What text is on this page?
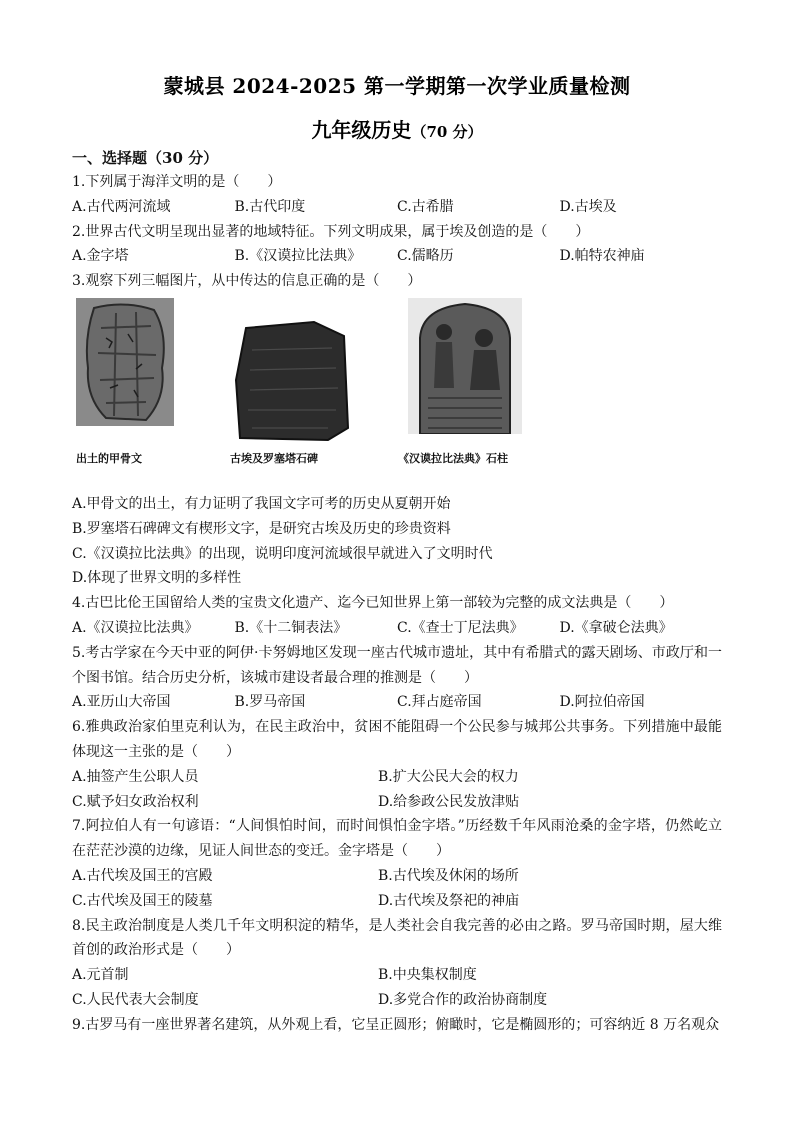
蒙城县 2024-2025 第一学期第一次学业质量检测
九年级历史（70 分）
一、选择题（30 分）
1.下列属于海洋文明的是（　　）
A.古代两河流域	B.古代印度	C.古希腊	D.古埃及
2.世界古代文明呈现出显著的地域特征。下列文明成果，属于埃及创造的是（　　）
A.金字塔	B.《汉谟拉比法典》	C.儒略历	D.帕特农神庙
3.观察下列三幅图片，从中传达的信息正确的是（　　）
出土的甲骨文	古埃及罗塞塔石碑	《汉谟拉比法典》石柱
A.甲骨文的出土，有力证明了我国文字可考的历史从夏朝开始
B.罗塞塔石碑碑文有楔形文字，是研究古埃及历史的珍贵资料
C.《汉谟拉比法典》的出现，说明印度河流域很早就进入了文明时代
D.体现了世界文明的多样性
4.古巴比伦王国留给人类的宝贵文化遗产、迄今已知世界上第一部较为完整的成文法典是（　　）
A.《汉谟拉比法典》	B.《十二铜表法》	C.《查士丁尼法典》	D.《拿破仑法典》
5.考古学家在今天中亚的阿伊·卡努姆地区发现一座古代城市遗址，其中有希腊式的露天剧场、市政厅和一个图书馆。结合历史分析，该城市建设者最合理的推测是（　　）
A.亚历山大帝国	B.罗马帝国	C.拜占庭帝国	D.阿拉伯帝国
6.雅典政治家伯里克利认为，在民主政治中，贫困不能阻碍一个公民参与城邦公共事务。下列措施中最能体现这一主张的是（　　）
A.抽签产生公职人员	B.扩大公民大会的权力
C.赋予妇女政治权利	D.给参政公民发放津贴
7.阿拉伯人有一句谚语：“人间惧怕时间，而时间惧怕金字塔。”历经数千年风雨沧桑的金字塔，仍然屹立在茫茫沙漠的边缘，见证人间世态的变迁。金字塔是（　　）
A.古代埃及国王的宫殿	B.古代埃及休闲的场所
C.古代埃及国王的陵墓	D.古代埃及祭祀的神庙
8.民主政治制度是人类几千年文明积淀的精华，是人类社会自我完善的必由之路。罗马帝国时期，屋大维首创的政治形式是（　　）
A.元首制	B.中央集权制度
C.人民代表大会制度	D.多党合作的政治协商制度
9.古罗马有一座世界著名建筑，从外观上看，它呈正圆形；俯瞰时，它是椭圆形的；可容纳近 8 万名观众
